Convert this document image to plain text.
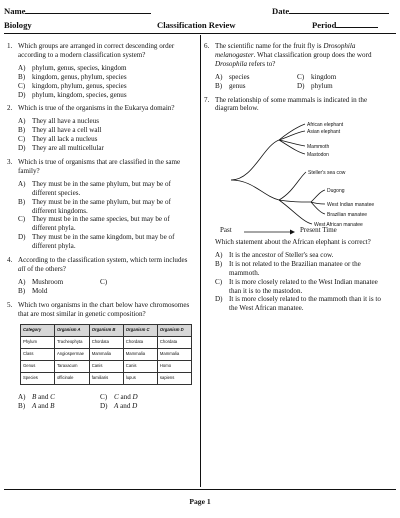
Name	Date
Biology	Classification Review	Period
1. Which groups are arranged in correct descending order according to a modern classification system?
A) phylum, genus, species, kingdom
B) kingdom, genus, phylum, species
C) kingdom, phylum, genus, species
D) phylum, kingdom, species, genus
2. Which is true of the organisms in the Eukarya domain?
A) They all have a nucleus
B) They all have a cell wall
C) They all lack a nucleus
D) They are all multicellular
3. Which is true of organisms that are classified in the same family?
A) They must be in the same phylum, but may be of different species.
B) They must be in the same phylum, but may be of different kingdoms.
C) They must be in the same species, but may be of different phyla.
D) They must be in the same kingdom, but may be of different phyla.
4. According to the classification system, which term includes all of the others?
A) Mushroom	C)
B) Mold
5. Which two organisms in the chart below have chromosomes that are most similar in genetic composition?
Category	Organism A	Organism B	Organism C	Organism D
Phylum	Tracheophyta	Chordata	Chordata	Chordata
Class	Angiospermae	Mammalia	Mammalia	Mammalia
Genus	Taraxacum	Canis	Canis	Homo
Species	officinale	familiaris	lupus	sapiens
A) B and C	C) C and D
B) A and B	D) A and D
6. The scientific name for the fruit fly is Drosophila melanogaster. What classification group does the word Drosophila refers to?
A) species	C) kingdom
B) genus	D) phylum
7. The relationship of some mammals is indicated in the diagram below.
African elephant
Asian elephant
Mammoth
Mastodon
Steller's sea cow
Dugong
West Indian manatee
Brazilian manatee
West African manatee
Past	Present Time
Which statement about the African elephant is correct?
A) It is the ancestor of Steller's sea cow.
B) It is not related to the Brazilian manatee or the mammoth.
C) It is more closely related to the West Indian manatee than it is to the mastodon.
D) It is more closely related to the mammoth than it is to the West African manatee.
Page 1
